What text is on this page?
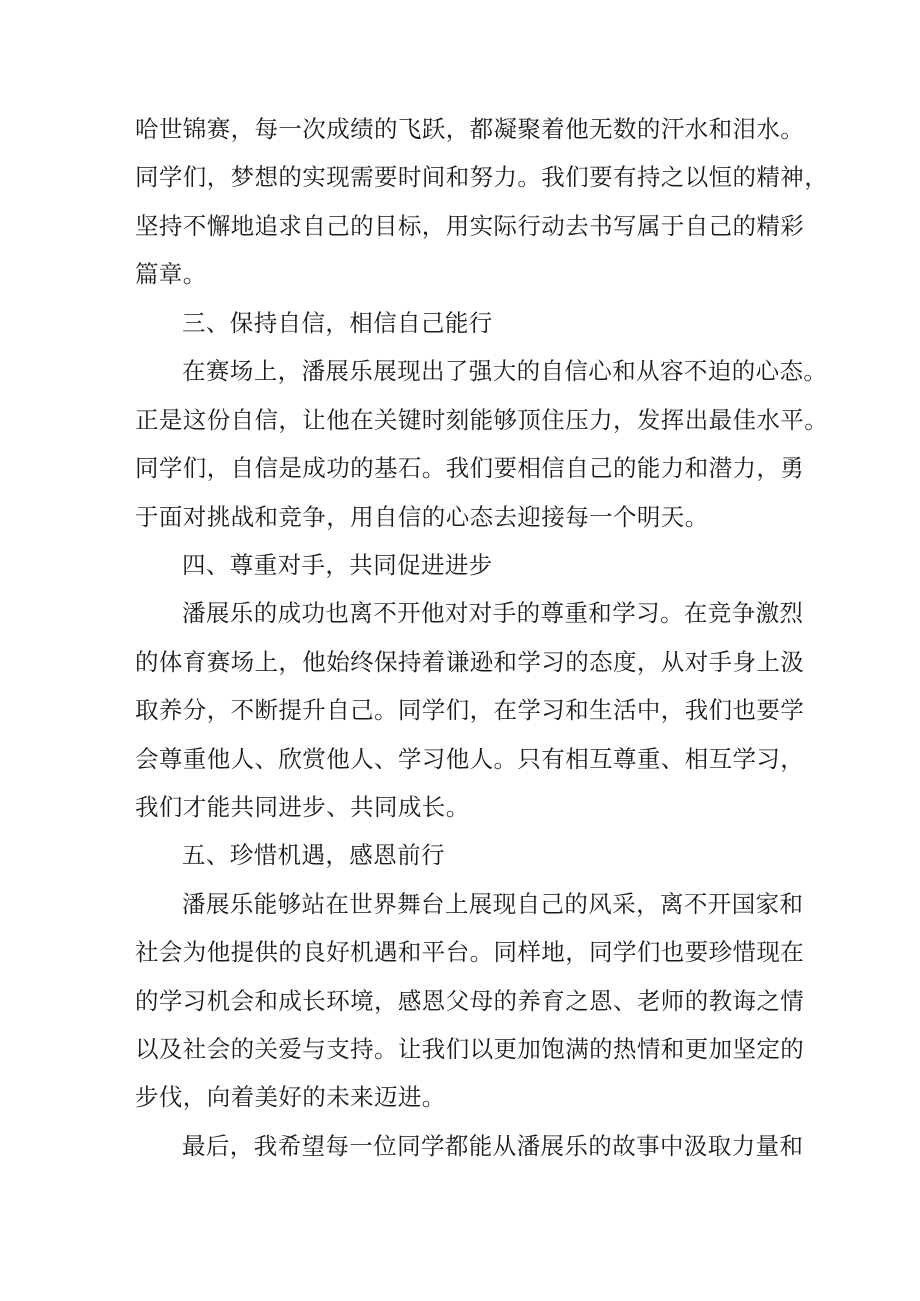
哈世锦赛，每一次成绩的飞跃，都凝聚着他无数的汗水和泪水。
同学们，梦想的实现需要时间和努力。我们要有持之以恒的精神，
坚持不懈地追求自己的目标，用实际行动去书写属于自己的精彩
篇章。
三、保持自信，相信自己能行
在赛场上，潘展乐展现出了强大的自信心和从容不迫的心态。
正是这份自信，让他在关键时刻能够顶住压力，发挥出最佳水平。
同学们，自信是成功的基石。我们要相信自己的能力和潜力，勇
于面对挑战和竞争，用自信的心态去迎接每一个明天。
四、尊重对手，共同促进进步
潘展乐的成功也离不开他对对手的尊重和学习。在竞争激烈
的体育赛场上，他始终保持着谦逊和学习的态度，从对手身上汲
取养分，不断提升自己。同学们，在学习和生活中，我们也要学
会尊重他人、欣赏他人、学习他人。只有相互尊重、相互学习，
我们才能共同进步、共同成长。
五、珍惜机遇，感恩前行
潘展乐能够站在世界舞台上展现自己的风采，离不开国家和
社会为他提供的良好机遇和平台。同样地，同学们也要珍惜现在
的学习机会和成长环境，感恩父母的养育之恩、老师的教诲之情
以及社会的关爱与支持。让我们以更加饱满的热情和更加坚定的
步伐，向着美好的未来迈进。
最后，我希望每一位同学都能从潘展乐的故事中汲取力量和
